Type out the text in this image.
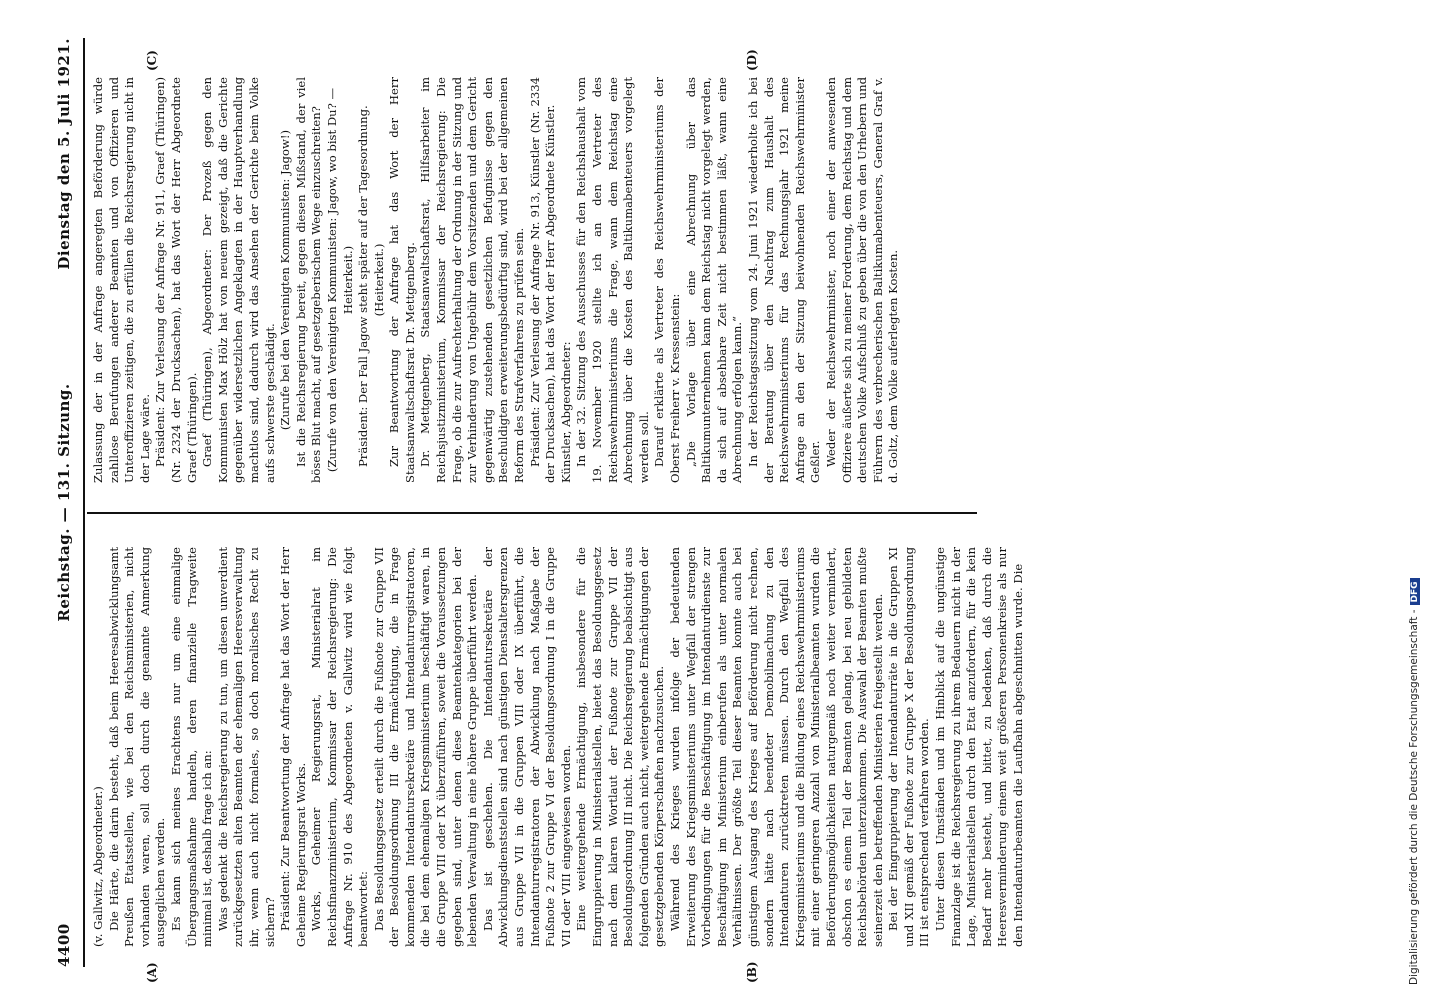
4400
Reichstag. — 131. Sitzung.
Dienstag den 5. Juli 1921.
(A)	(B)
(C)	(D)

(v. Gallwitz, Abgeordneter.) Die Härte, die darin besteht, daß beim Heeresabwicklungsamt Preußen Etatsstellen, wie bei den Reichsministerien, nicht vorhanden waren, soll doch durch die genannte Anmerkung ausgeglichen werden. Es kann sich meines Erachtens nur um eine einmalige Übergangsmaßnahme handeln, deren finanzielle Tragweite minimal ist, deshalb frage ich an: Was gedenkt die Reichsregierung zu tun, um diesen unverdient zurückgesetzten alten Beamten der ehemaligen Heeresverwaltung ihr, wenn auch nicht formales, so doch moralisches Recht zu sichern? Präsident: Zur Beantwortung der Anfrage hat das Wort der Herr Geheime Regierungsrat Works. Works, Geheimer Regierungsrat, Ministerialrat im Reichsfinanzministerium, Kommissar der Reichsregierung: Die Anfrage Nr. 910 des Abgeordneten v. Gallwitz wird wie folgt beantwortet: Das Besoldungsgesetz erteilt durch die Fußnote zur Gruppe VII der Besoldungsordnung III die Ermächtigung, die in Frage kommenden Intendantursekretäre und Intendanturregistratoren, die bei dem ehemaligen Kriegsministerium beschäftigt waren, in die Gruppe VIII oder IX überzuführen, soweit die Voraussetzungen gegeben sind, unter denen diese Beamtenkategorien bei der lebenden Verwaltung in eine höhere Gruppe überführt werden. Das ist geschehen. Die Intendantursekretäre der Abwicklungsdienststellen sind nach günstigen Dienstaltersgrenzen aus Gruppe VII in die Gruppen VIII oder IX überführt, die Intendanturregistratoren der Abwicklung nach Maßgabe der Fußnote 2 zur Gruppe VI der Besoldungsordnung I in die Gruppe VII oder VIII eingewiesen worden. Eine weitergehende Ermächtigung, insbesondere für die Eingruppierung in Ministerialstellen, bietet das Besoldungsgesetz nach dem klaren Wortlaut der Fußnote zur Gruppe VII der Besoldungsordnung III nicht. Die Reichsregierung beabsichtigt aus folgenden Gründen auch nicht, weitergehende Ermächtigungen der gesetzgebenden Körperschaften nachzusuchen. Während des Krieges wurden infolge der bedeutenden Erweiterung des Kriegsministeriums unter Wegfall der strengen Vorbedingungen für die Beschäftigung im Intendanturdienste zur Beschäftigung im Ministerium einberufen als unter normalen Verhältnissen. Der größte Teil dieser Beamten konnte auch bei günstigem Ausgang des Krieges auf Beförderung nicht rechnen, sondern hätte nach beendeter Demobilmachung zu den Intendanturen zurücktreten müssen. Durch den Wegfall des Kriegsministeriums und die Bildung eines Reichswehrministeriums mit einer geringeren Anzahl von Ministerialbeamten wurden die Beförderungsmöglichkeiten naturgemäß noch weiter vermindert, obschon es einem Teil der Beamten gelang, bei neu gebildeten Reichsbehörden unterzukommen. Die Auswahl der Beamten mußte seinerzeit den betreffenden Ministerien freigestellt werden. Bei der Eingruppierung der Intendanturräte in die Gruppen XI und XII gemäß der Fußnote zur Gruppe X der Besoldungsordnung III ist entsprechend verfahren worden. Unter diesen Umständen und im Hinblick auf die ungünstige Finanzlage ist die Reichsregierung zu ihrem Bedauern nicht in der Lage, Ministerialstellen durch den Etat anzufordern, für die kein Bedarf mehr besteht, und bittet, zu bedenken, daß durch die Heeresverminderung einem weit größeren Personenkreise als nur den Intendanturbeamten die Laufbahn abgeschnitten wurde. Die

Zulassung der in der Anfrage angeregten Beförderung würde zahllose Berufungen anderer Beamten und von Offizieren und Unteroffizieren zeitigen, die zu erfüllen die Reichsregierung nicht in der Lage wäre. Präsident: Zur Verlesung der Anfrage Nr. 911, Graef (Thüringen) (Nr. 2324 der Drucksachen), hat das Wort der Herr Abgeordnete Graef (Thüringen). Graef (Thüringen), Abgeordneter: Der Prozeß gegen den Kommunisten Max Hölz hat von neuem gezeigt, daß die Gerichte gegenüber widersetzlichen Angeklagten in der Hauptverhandlung machtlos sind, dadurch wird das Ansehen der Gerichte beim Volke aufs schwerste geschädigt. (Zurufe bei den Vereinigten Kommunisten: Jagow!) Ist die Reichsregierung bereit, gegen diesen Mißstand, der viel böses Blut macht, auf gesetzgeberischem Wege einzuschreiten? (Zurufe von den Vereinigten Kommunisten: Jagow, wo bist Du? — Heiterkeit.) Präsident: Der Fall Jagow steht später auf der Tagesordnung. (Heiterkeit.) Zur Beantwortung der Anfrage hat das Wort der Herr Staatsanwaltschaftsrat Dr. Mettgenberg. Dr. Mettgenberg, Staatsanwaltschaftsrat, Hilfsarbeiter im Reichsjustizministerium, Kommissar der Reichsregierung: Die Frage, ob die zur Aufrechterhaltung der Ordnung in der Sitzung und zur Verhinderung von Ungebühr dem Vorsitzenden und dem Gericht gegenwärtig zustehenden gesetzlichen Befugnisse gegen den Beschuldigten erweiterungsbedürftig sind, wird bei der allgemeinen Reform des Strafverfahrens zu prüfen sein. Präsident: Zur Verlesung der Anfrage Nr. 913, Künstler (Nr. 2334 der Drucksachen), hat das Wort der Herr Abgeordnete Künstler. Künstler, Abgeordneter: In der 32. Sitzung des Ausschusses für den Reichshaushalt vom 19. November 1920 stellte ich an den Vertreter des Reichswehrministeriums die Frage, wann dem Reichstag eine Abrechnung über die Kosten des Baltikumabenteuers vorgelegt werden soll. Darauf erklärte als Vertreter des Reichswehrministeriums der Oberst Freiherr v. Kressenstein: „Die Vorlage über eine Abrechnung über das Baltikumunternehmen kann dem Reichstag nicht vorgelegt werden, da sich auf absehbare Zeit nicht bestimmen läßt, wann eine Abrechnung erfolgen kann.“ In der Reichstagssitzung vom 24. Juni 1921 wiederholte ich bei der Beratung über den Nachtrag zum Haushalt des Reichswehrministeriums für das Rechnungsjahr 1921 meine Anfrage an den der Sitzung beiwohnenden Reichswehrminister Geßler. Weder der Reichswehrminister, noch einer der anwesenden Offiziere äußerte sich zu meiner Forderung, dem Reichstag und dem deutschen Volke Aufschluß zu geben über die von den Urhebern und Führern des verbrecherischen Baltikumabenteuers, General Graf v. d. Goltz, dem Volke auferlegten Kosten.

Digitalisierung gefördert durch die Deutsche Forschungsgemeinschaft -DFG
